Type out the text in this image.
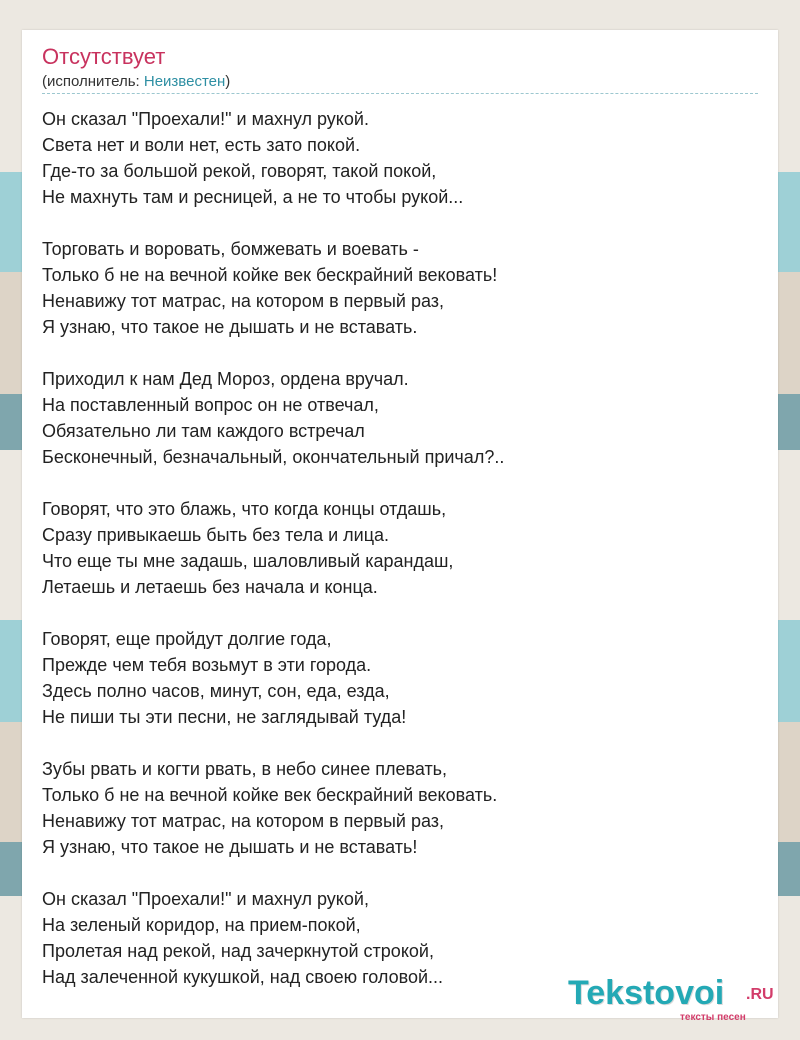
Отсутствует
(исполнитель: Неизвестен)
Он сказал "Проехали!" и махнул рукой.
Света нет и воли нет, есть зато покой.
Где-то за большой рекой, говорят, такой покой,
Не махнуть там и ресницей, а не то чтобы рукой...
Торговать и воровать, бомжевать и воевать -
Только б не на вечной койке век бескрайний вековать!
Ненавижу тот матрас, на котором в первый раз,
Я узнаю, что такое не дышать и не вставать.
Приходил к нам Дед Мороз, ордена вручал.
На поставленный вопрос он не отвечал,
Обязательно ли там каждого встречал
Бесконечный, безначальный, окончательный причал?..
Говорят, что это блажь, что когда концы отдашь,
Сразу привыкаешь быть без тела и лица.
Что еще ты мне задашь, шаловливый карандаш,
Летаешь и летаешь без начала и конца.
Говорят, еще пройдут долгие года,
Прежде чем тебя возьмут в эти города.
Здесь полно часов, минут, сон, еда, езда,
Не пиши ты эти песни, не заглядывай туда!
Зубы рвать и когти рвать, в небо синее плевать,
Только б не на вечной койке век бескрайний вековать.
Ненавижу тот матрас, на котором в первый раз,
Я узнаю, что такое не дышать и не вставать!
Он сказал "Проехали!" и махнул рукой,
На зеленый коридор, на прием-покой,
Пролетая над рекой, над зачеркнутой строкой,
Над залеченной кукушкой, над своею головой...	Tekstovoi .RU
тексты песен
